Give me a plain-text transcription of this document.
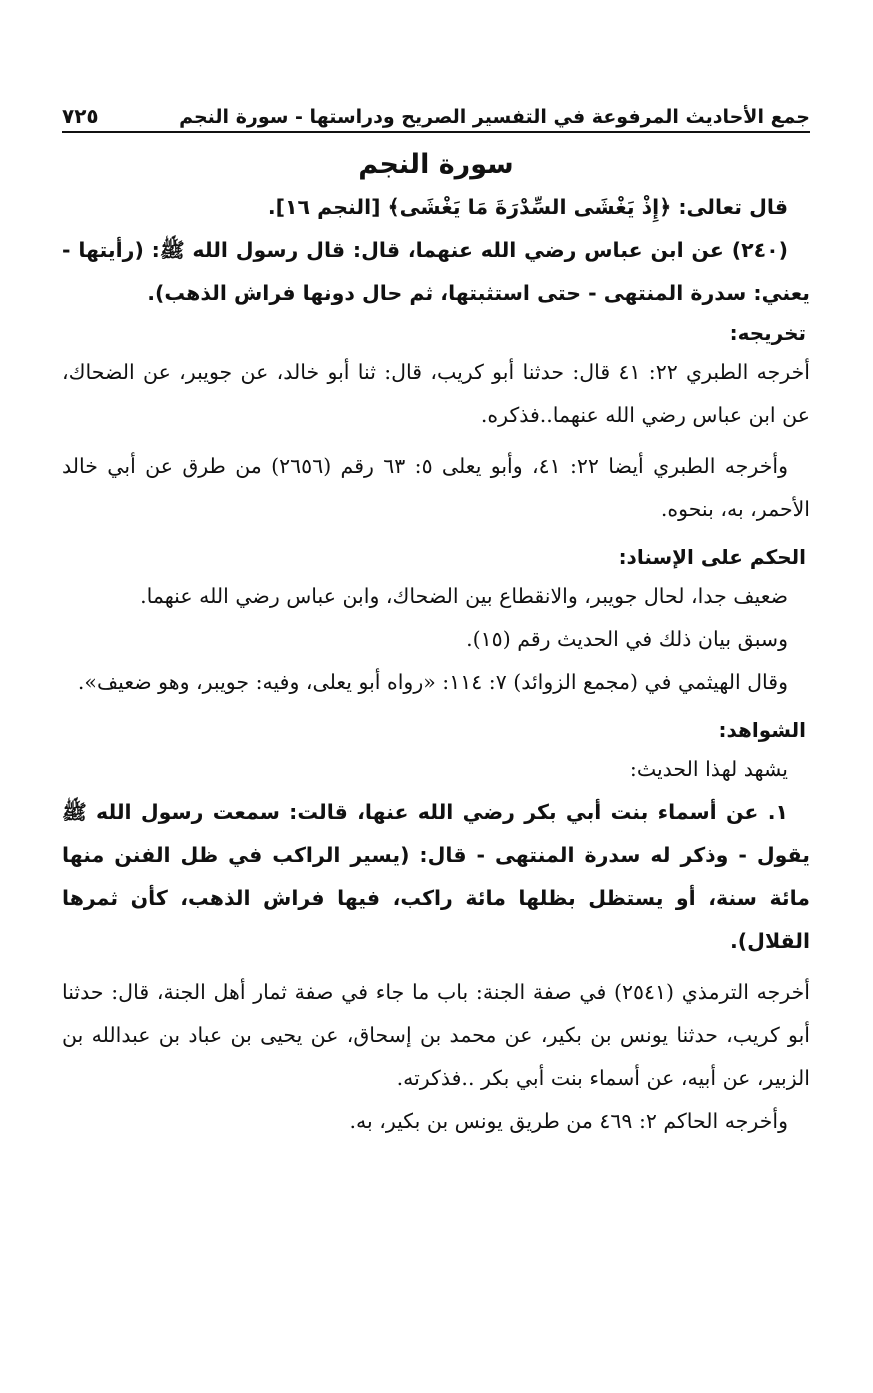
جمع الأحاديث المرفوعة في التفسير الصريح ودراستها - سورة النجم
٧٢٥
سورة النجم

قال تعالى: ﴿إِذْ يَغْشَى السِّدْرَةَ مَا يَغْشَى﴾ [النجم ١٦].

(٢٤٠) عن ابن عباس رضي الله عنهما، قال: قال رسول الله ﷺ: (رأيتها - يعني: سدرة المنتهى - حتى استثبتها، ثم حال دونها فراش الذهب).

تخريجه:

أخرجه الطبري ٢٢: ٤١ قال: حدثنا أبو كريب، قال: ثنا أبو خالد، عن جويبر، عن الضحاك، عن ابن عباس رضي الله عنهما..فذكره.

وأخرجه الطبري أيضا ٢٢: ٤١، وأبو يعلى ٥: ٦٣ رقم (٢٦٥٦) من طرق عن أبي خالد الأحمر، به، بنحوه.

الحكم على الإسناد:

ضعيف جدا، لحال جويبر، والانقطاع بين الضحاك، وابن عباس رضي الله عنهما.

وسبق بيان ذلك في الحديث رقم (١٥).

وقال الهيثمي في (مجمع الزوائد) ٧: ١١٤: «رواه أبو يعلى، وفيه: جويبر، وهو ضعيف».

الشواهد:

يشهد لهذا الحديث:

١. عن أسماء بنت أبي بكر رضي الله عنها، قالت: سمعت رسول الله ﷺ يقول - وذكر له سدرة المنتهى - قال: (يسير الراكب في ظل الفنن منها مائة سنة، أو يستظل بظلها مائة راكب، فيها فراش الذهب، كأن ثمرها القلال).

أخرجه الترمذي (٢٥٤١) في صفة الجنة: باب ما جاء في صفة ثمار أهل الجنة، قال: حدثنا أبو كريب، حدثنا يونس بن بكير، عن محمد بن إسحاق، عن يحيى بن عباد بن عبدالله بن الزبير، عن أبيه، عن أسماء بنت أبي بكر ..فذكرته.

وأخرجه الحاكم ٢: ٤٦٩ من طريق يونس بن بكير، به.
